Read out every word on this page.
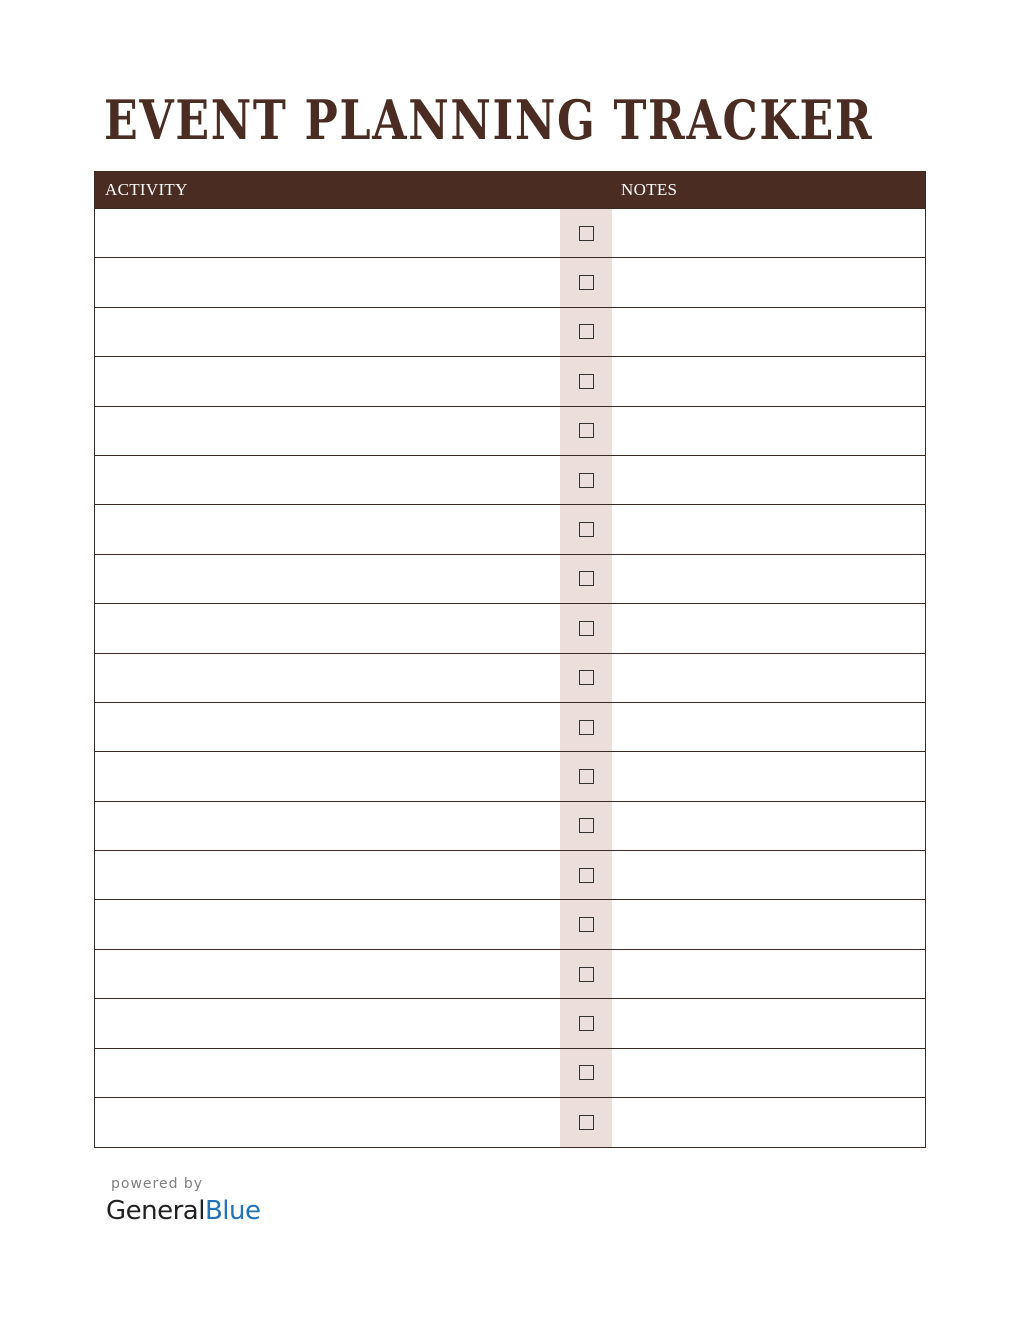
EVENT PLANNING TRACKER
ACTIVITY	NOTES
powered by
GeneralBlue
